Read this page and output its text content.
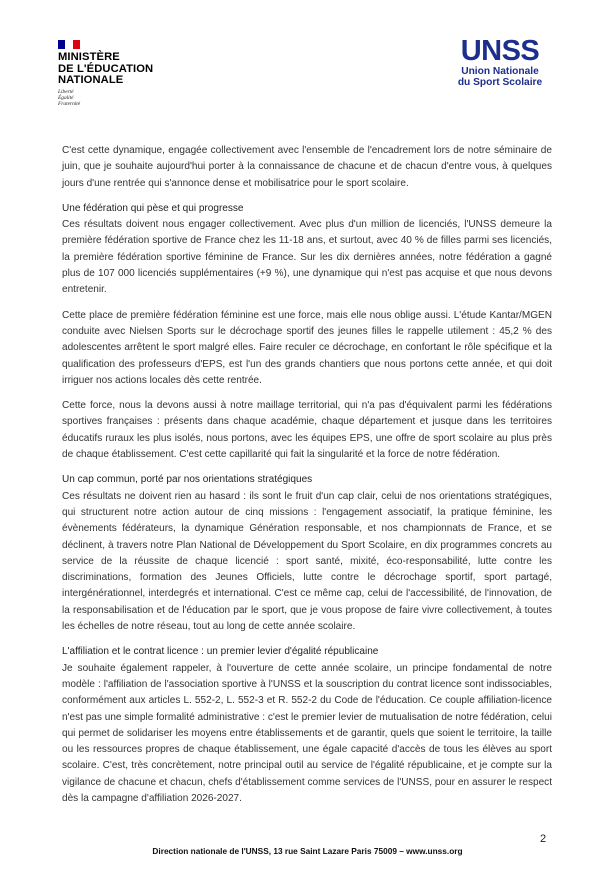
MINISTÈRE
DE L'ÉDUCATION
NATIONALE
Liberté
Égalité
Fraternité
UNSS
Union Nationale
du Sport Scolaire

C'est cette dynamique, engagée collectivement avec l'ensemble de l'encadrement lors de notre séminaire de juin, que je souhaite aujourd'hui porter à la connaissance de chacune et de chacun d'entre vous, à quelques jours d'une rentrée qui s'annonce dense et mobilisatrice pour le sport scolaire.

Une fédération qui pèse et qui progresse

Ces résultats doivent nous engager collectivement. Avec plus d'un million de licenciés, l'UNSS demeure la première fédération sportive de France chez les 11-18 ans, et surtout, avec 40 % de filles parmi ses licenciés, la première fédération sportive féminine de France. Sur les dix dernières années, notre fédération a gagné plus de 107 000 licenciés supplémentaires (+9 %), une dynamique qui n'est pas acquise et que nous devons entretenir.

Cette place de première fédération féminine est une force, mais elle nous oblige aussi. L'étude Kantar/MGEN conduite avec Nielsen Sports sur le décrochage sportif des jeunes filles le rappelle utilement : 45,2 % des adolescentes arrêtent le sport malgré elles. Faire reculer ce décrochage, en confortant le rôle spécifique et la qualification des professeurs d'EPS, est l'un des grands chantiers que nous portons cette année, et qui doit irriguer nos actions locales dès cette rentrée.

Cette force, nous la devons aussi à notre maillage territorial, qui n'a pas d'équivalent parmi les fédérations sportives françaises : présents dans chaque académie, chaque département et jusque dans les territoires éducatifs ruraux les plus isolés, nous portons, avec les équipes EPS, une offre de sport scolaire au plus près de chaque établissement. C'est cette capillarité qui fait la singularité et la force de notre fédération.

Un cap commun, porté par nos orientations stratégiques

Ces résultats ne doivent rien au hasard : ils sont le fruit d'un cap clair, celui de nos orientations stratégiques, qui structurent notre action autour de cinq missions : l'engagement associatif, la pratique féminine, les évènements fédérateurs, la dynamique Génération responsable, et nos championnats de France, et se déclinent, à travers notre Plan National de Développement du Sport Scolaire, en dix programmes concrets au service de la réussite de chaque licencié : sport santé, mixité, éco-responsabilité, lutte contre les discriminations, formation des Jeunes Officiels, lutte contre le décrochage sportif, sport partagé, intergénérationnel, interdegrés et international. C'est ce même cap, celui de l'accessibilité, de l'innovation, de la responsabilisation et de l'éducation par le sport, que je vous propose de faire vivre collectivement, à toutes les échelles de notre réseau, tout au long de cette année scolaire.

L'affiliation et le contrat licence : un premier levier d'égalité républicaine

Je souhaite également rappeler, à l'ouverture de cette année scolaire, un principe fondamental de notre modèle : l'affiliation de l'association sportive à l'UNSS et la souscription du contrat licence sont indissociables, conformément aux articles L. 552-2, L. 552-3 et R. 552-2 du Code de l'éducation. Ce couple affiliation-licence n'est pas une simple formalité administrative : c'est le premier levier de mutualisation de notre fédération, celui qui permet de solidariser les moyens entre établissements et de garantir, quels que soient le territoire, la taille ou les ressources propres de chaque établissement, une égale capacité d'accès de tous les élèves au sport scolaire. C'est, très concrètement, notre principal outil au service de l'égalité républicaine, et je compte sur la vigilance de chacune et chacun, chefs d'établissement comme services de l'UNSS, pour en assurer le respect dès la campagne d'affiliation 2026-2027.

2
Direction nationale de l'UNSS, 13 rue Saint Lazare Paris 75009 – www.unss.org
